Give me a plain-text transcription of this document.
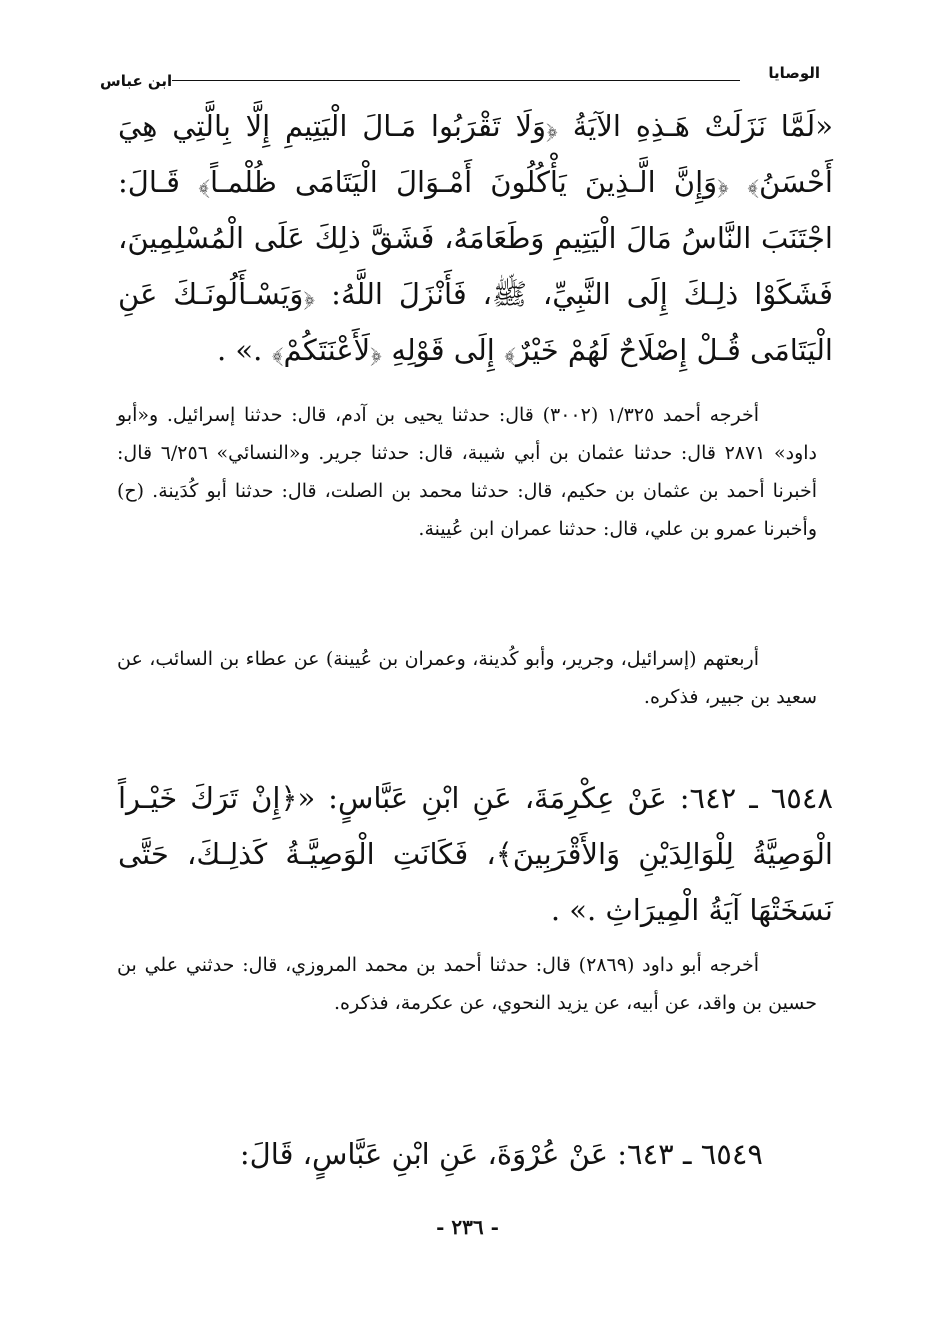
الوصايا
ابن عباس
«لَمَّا نَزَلَتْ هَـذِهِ الآيَةُ ﴿وَلَا تَقْرَبُوا مَـالَ الْيَتِيمِ إِلَّا بِالَّتِي هِيَ أَحْسَنُ﴾ ﴿وَإِنَّ الَّـذِينَ يَأْكُلُونَ أَمْـوَالَ الْيَتَامَى ظُلْمـاً﴾ قَـالَ: اجْتَنَبَ النَّاسُ مَالَ الْيَتِيمِ وَطَعَامَهُ، فَشَقَّ ذلِكَ عَلَى الْمُسْلِمِينَ، فَشَكَوْا ذلِـكَ إِلَى النَّبِيِّ، ﷺ، فَأَنْزَلَ اللَّهُ: ﴿وَيَسْـأَلُونَـكَ عَنِ الْيَتَامَى قُـلْ إِصْلَاحٌ لَهُمْ خَيْرٌ﴾ إِلَى قَوْلِهِ ﴿لَأَعْنَتَكُمْ﴾ .» .
أخرجه أحمد ١/٣٢٥ (٣٠٠٢) قال: حدثنا يحيى بن آدم، قال: حدثنا إسرائيل. و«أبو داود» ٢٨٧١ قال: حدثنا عثمان بن أبي شيبة، قال: حدثنا جرير. و«النسائي» ٦/٢٥٦ قال: أخبرنا أحمد بن عثمان بن حكيم، قال: حدثنا محمد بن الصلت، قال: حدثنا أبو كُدَينة. (ح) وأخبرنا عمرو بن علي، قال: حدثنا عمران ابن عُيينة.
أربعتهم (إسرائيل، وجرير، وأبو كُدينة، وعمران بن عُيينة) عن عطاء بن السائب، عن سعيد بن جبير، فذكره.
٦٥٤٨ ـ ٦٤٢: عَنْ عِكْرِمَةَ، عَنِ ابْنِ عَبَّاسٍ: «﴿إِنْ تَرَكَ خَيْـراً الْوَصِيَّةُ لِلْوَالِدَيْنِ وَالأَقْرَبِينَ﴾، فَكَانَتِ الْوَصِيَّـةُ كَذلِـكَ، حَتَّى نَسَخَتْهَا آيَةُ الْمِيرَاثِ .» .
أخرجه أبو داود (٢٨٦٩) قال: حدثنا أحمد بن محمد المروزي، قال: حدثني علي بن حسين بن واقد، عن أبيه، عن يزيد النحوي، عن عكرمة، فذكره.
٦٥٤٩ ـ ٦٤٣: عَنْ عُرْوَةَ، عَنِ ابْنِ عَبَّاسٍ، قَالَ:
- ٢٣٦ -
